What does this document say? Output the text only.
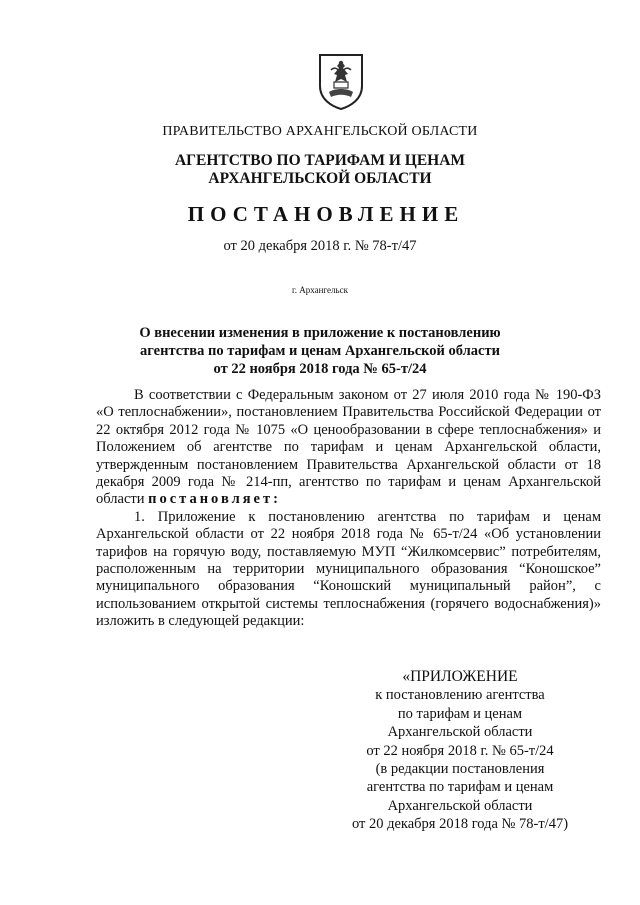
ПРАВИТЕЛЬСТВО АРХАНГЕЛЬСКОЙ ОБЛАСТИ
АГЕНТСТВО ПО ТАРИФАМ И ЦЕНАМ
АРХАНГЕЛЬСКОЙ ОБЛАСТИ
ПОСТАНОВЛЕНИЕ
от 20 декабря 2018 г. № 78-т/47
г. Архангельск
О внесении изменения в приложение к постановлению
агентства по тарифам и ценам Архангельской области
от 22 ноября 2018 года № 65-т/24

В соответствии с Федеральным законом от 27 июля 2010 года № 190-ФЗ «О теплоснабжении», постановлением Правительства Российской Федерации от 22 октября 2012 года № 1075 «О ценообразовании в сфере теплоснабжения» и Положением об агентстве по тарифам и ценам Архангельской области, утвержденным постановлением Правительства Архангельской области от 18 декабря 2009 года № 214-пп, агентство по тарифам и ценам Архангельской области постановляет:

1. Приложение к постановлению агентства по тарифам и ценам Архангельской области от 22 ноября 2018 года № 65-т/24 «Об установлении тарифов на горячую воду, поставляемую МУП “Жилкомсервис” потребителям, расположенным на территории муниципального образования “Коношское” муниципального образования “Коношский муниципальный район”, с использованием открытой системы теплоснабжения (горячего водоснабжения)» изложить в следующей редакции:

«ПРИЛОЖЕНИЕ
к постановлению агентства
по тарифам и ценам
Архангельской области
от 22 ноября 2018 г. № 65-т/24
(в редакции постановления
агентства по тарифам и ценам
Архангельской области
от 20 декабря 2018 года № 78-т/47)
